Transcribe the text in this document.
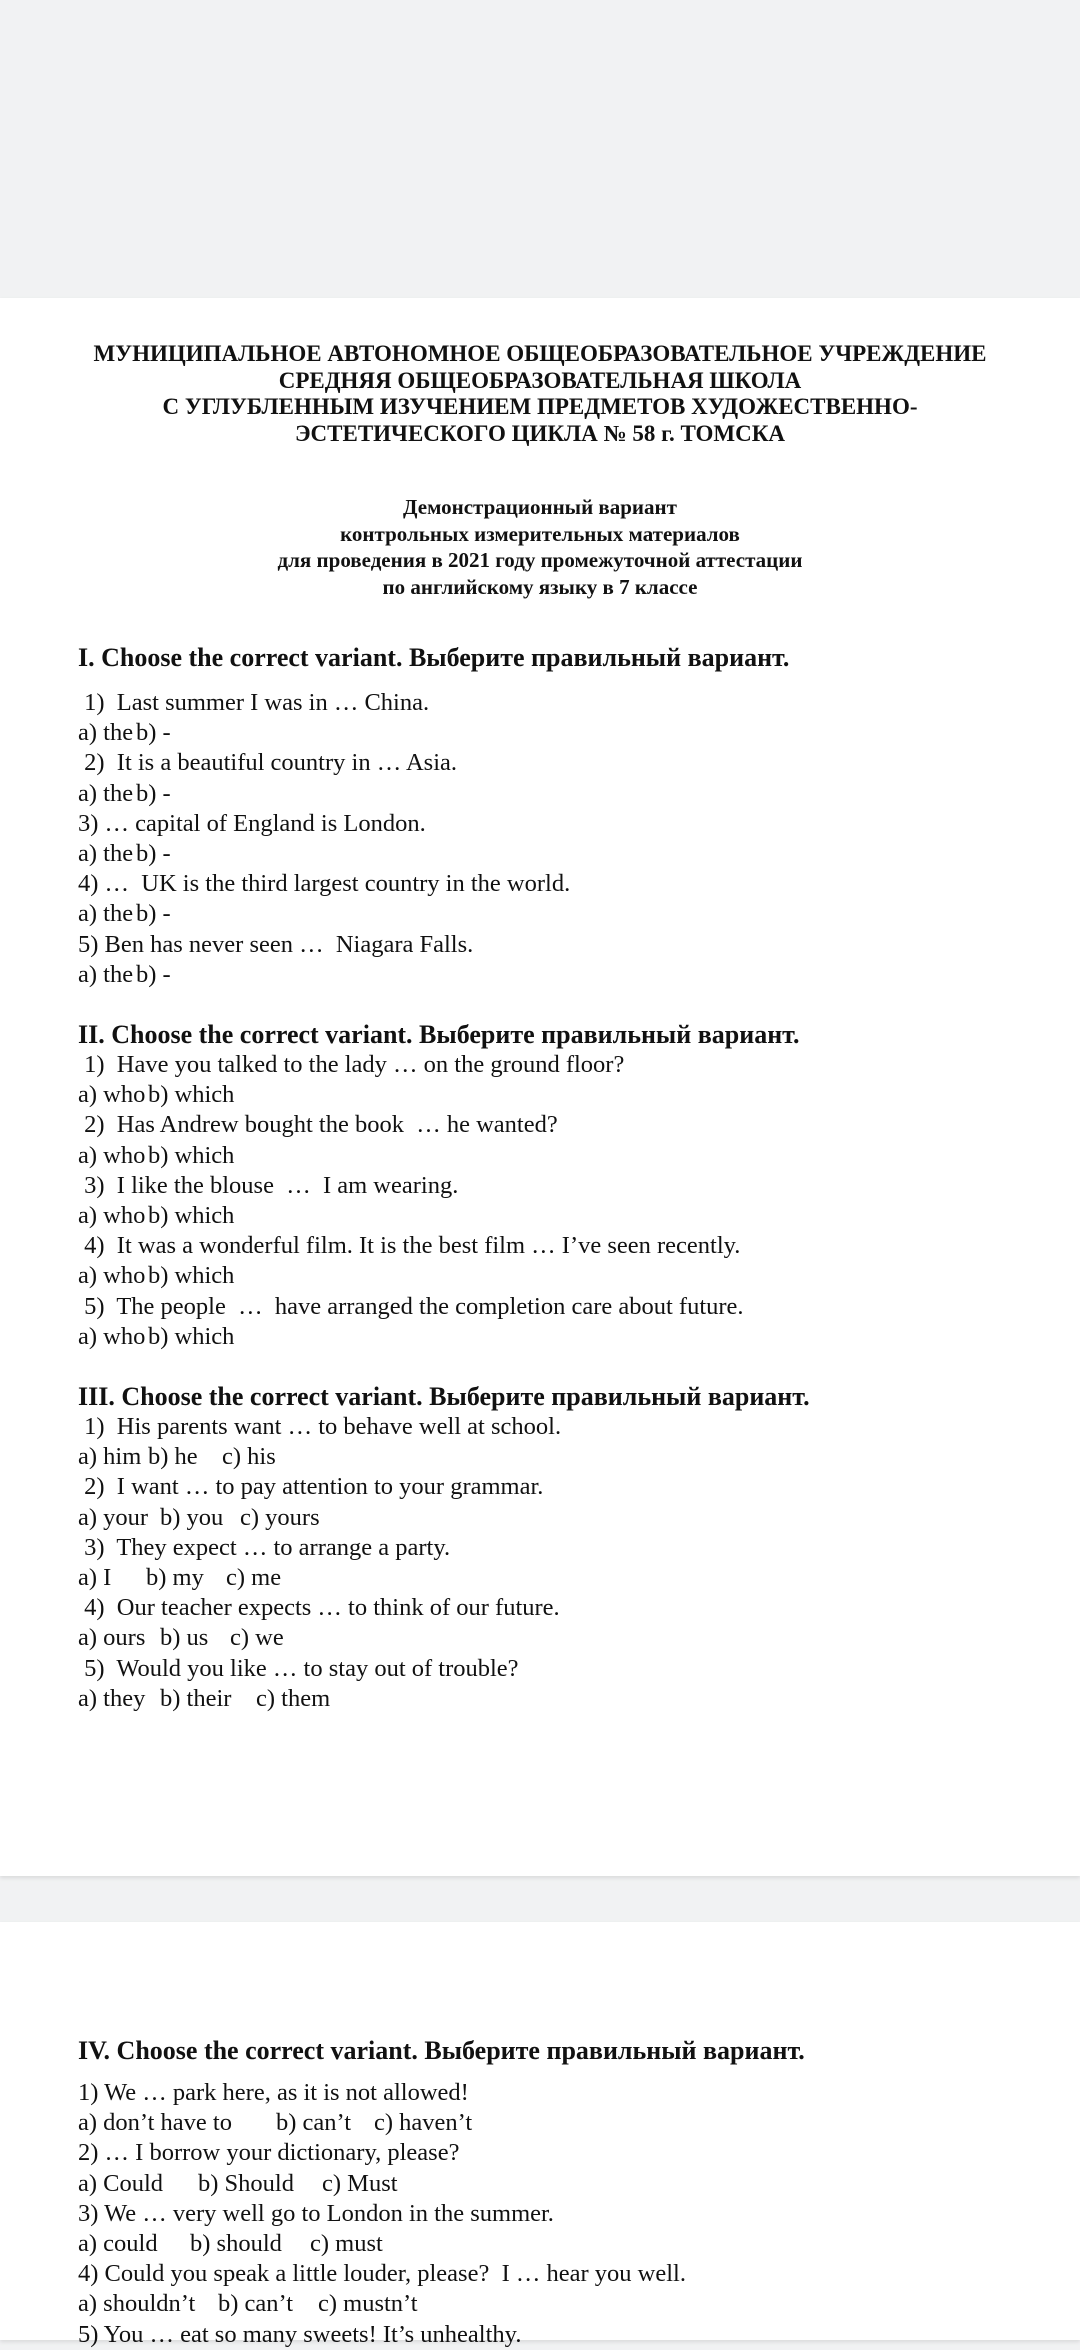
МУНИЦИПАЛЬНОЕ АВТОНОМНОЕ ОБЩЕОБРАЗОВАТЕЛЬНОЕ УЧРЕЖДЕНИЕ
СРЕДНЯЯ ОБЩЕОБРАЗОВАТЕЛЬНАЯ ШКОЛА
С УГЛУБЛЕННЫМ ИЗУЧЕНИЕМ ПРЕДМЕТОВ ХУДОЖЕСТВЕННО-
ЭСТЕТИЧЕСКОГО ЦИКЛА № 58 г. ТОМСКА
Демонстрационный вариант
контрольных измерительных материалов
для проведения в 2021 году промежуточной аттестации
по английскому языку в 7 классе
I. Choose the correct variant. Выберите правильный вариант.
1)  Last summer I was in … China.
a) the b) -
2)  It is a beautiful country in … Asia.
a) the b) -
3) … capital of England is London.
a) the b) -
4) …  UK is the third largest country in the world.
a) the b) -
5) Ben has never seen …  Niagara Falls.
a) the b) -
II. Choose the correct variant. Выберите правильный вариант.
1)  Have you talked to the lady … on the ground floor?
a) who b) which
2)  Has Andrew bought the book  … he wanted?
a) who b) which
3)  I like the blouse  …  I am wearing.
a) who b) which
4)  It was a wonderful film. It is the best film … I’ve seen recently.
a) who b) which
5)  The people  …  have arranged the completion care about future.
a) who b) which
III. Choose the correct variant. Выберите правильный вариант.
1)  His parents want … to behave well at school.
a) him b) he c) his
2)  I want … to pay attention to your grammar.
a) your b) you c) yours
3)  They expect … to arrange a party.
a) I b) my c) me
4)  Our teacher expects … to think of our future.
a) ours b) us c) we
5)  Would you like … to stay out of trouble?
a) they b) their c) them
IV. Choose the correct variant. Выберите правильный вариант.
1) We … park here, as it is not allowed!
a) don’t have to b) can’t c) haven’t
2) … I borrow your dictionary, please?
a) Could b) Should c) Must
3) We … very well go to London in the summer.
a) could b) should c) must
4) Could you speak a little louder, please?  I … hear you well.
a) shouldn’t b) can’t c) mustn’t
5) You … eat so many sweets! It’s unhealthy.
